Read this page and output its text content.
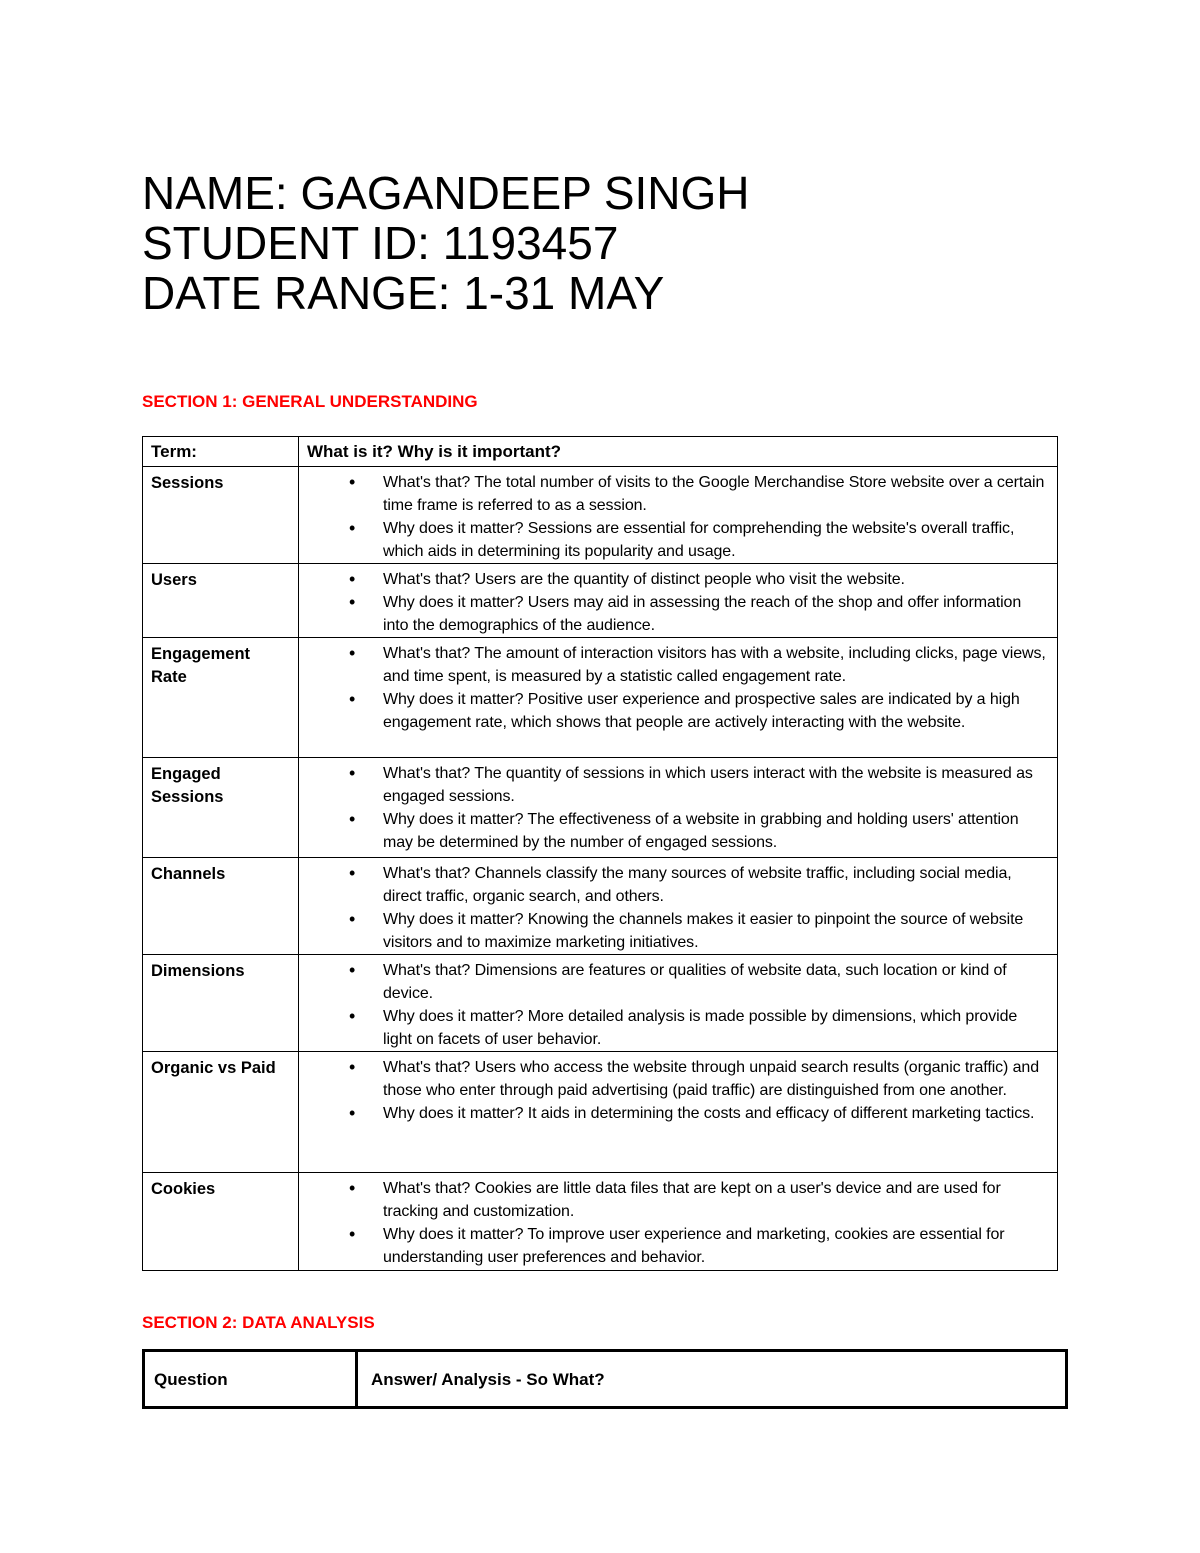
NAME: GAGANDEEP SINGH
STUDENT ID: 1193457
DATE RANGE: 1-31 MAY
SECTION 1: GENERAL UNDERSTANDING
Term:	What is it? Why is it important?
Sessions	
•What's that? The total number of visits to the Google Merchandise Store website over a certain time frame is referred to as a session.
• Why does it matter? Sessions are essential for comprehending the website's overall traffic, which aids in determining its popularity and usage.

Users	
•What's that? Users are the quantity of distinct people who visit the website.
• Why does it matter? Users may aid in assessing the reach of the shop and offer information into the demographics of the audience.

Engagement Rate	
• What's that? The amount of interaction visitors has with a website, including clicks, page views, and time spent, is measured by a statistic called engagement rate.
• Why does it matter? Positive user experience and prospective sales are indicated by a high engagement rate, which shows that people are actively interacting with the website.

Engaged Sessions	
• What's that? The quantity of sessions in which users interact with the website is measured as engaged sessions.
• Why does it matter? The effectiveness of a website in grabbing and holding users' attention may be determined by the number of engaged sessions.

Channels	
•What's that? Channels classify the many sources of website traffic, including social media, direct traffic, organic search, and others.
• Why does it matter? Knowing the channels makes it easier to pinpoint the source of website visitors and to maximize marketing initiatives.

Dimensions	
•What's that? Dimensions are features or qualities of website data, such location or kind of device.
• Why does it matter? More detailed analysis is made possible by dimensions, which provide light on facets of user behavior.

Organic vs Paid	
•What's that? Users who access the website through unpaid search results (organic traffic) and those who enter through paid advertising (paid traffic) are distinguished from one another.
• Why does it matter? It aids in determining the costs and efficacy of different marketing tactics.

Cookies	
•What's that? Cookies are little data files that are kept on a user's device and are used for tracking and customization.
• Why does it matter? To improve user experience and marketing, cookies are essential for understanding user preferences and behavior.
SECTION 2: DATA ANALYSIS
Question	Answer/ Analysis - So What?
